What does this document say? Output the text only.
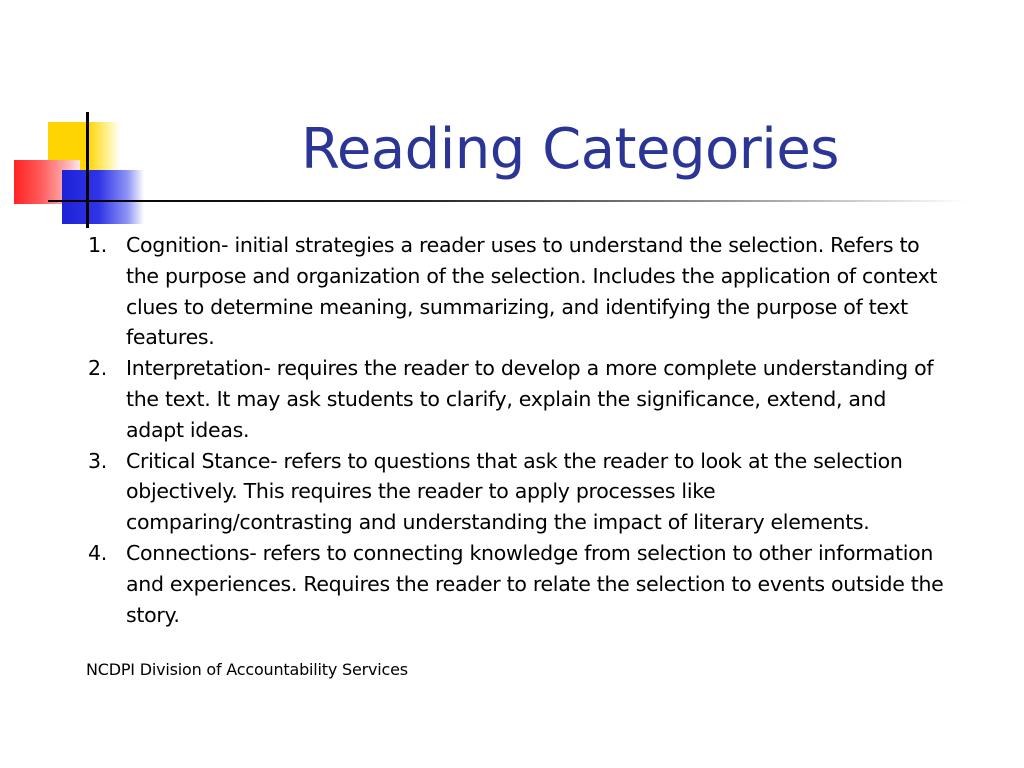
Reading Categories
1. Cognition- initial strategies a reader uses to understand the selection. Refers to the purpose and organization of the selection. Includes the application of context clues to determine meaning, summarizing, and identifying the purpose of text features.
2. Interpretation- requires the reader to develop a more complete understanding of the text. It may ask students to clarify, explain the significance, extend, and adapt ideas.
3. Critical Stance- refers to questions that ask the reader to look at the selection objectively. This requires the reader to apply processes like comparing/contrasting and understanding the impact of literary elements.
4. Connections- refers to connecting knowledge from selection to other information and experiences. Requires the reader to relate the selection to events outside the story.
NCDPI Division of Accountability Services
